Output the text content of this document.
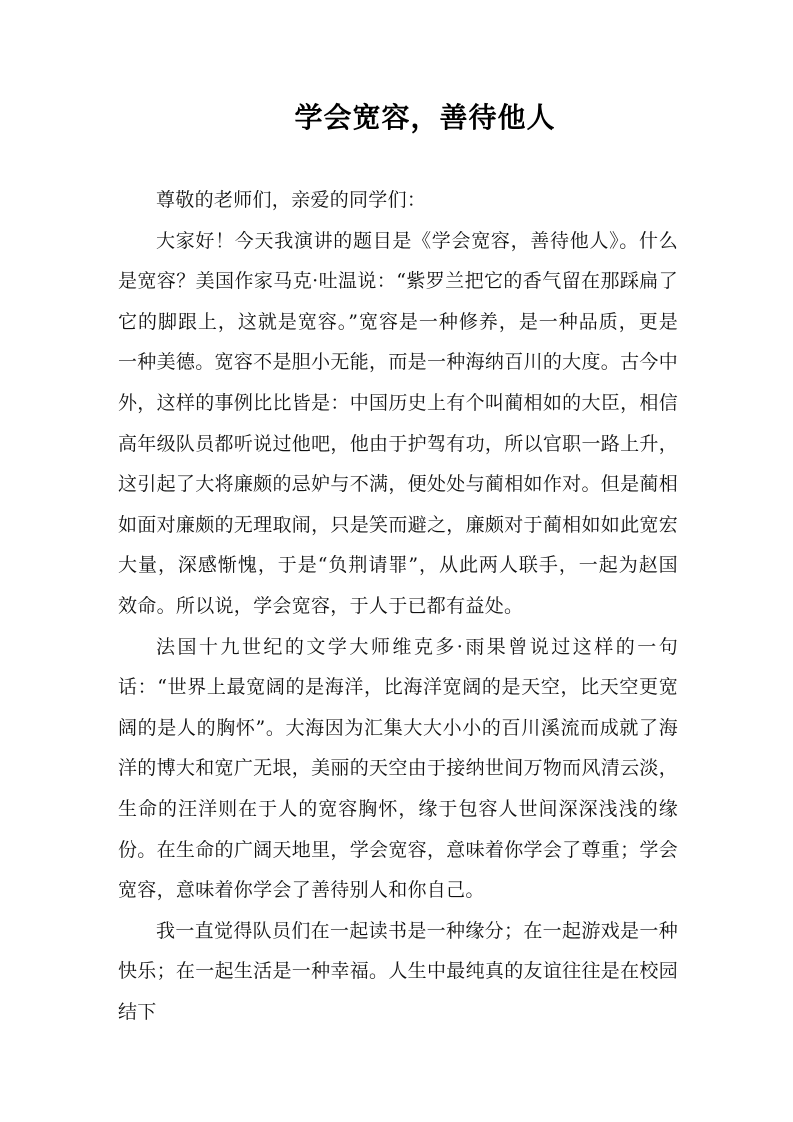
学会宽容，善待他人

尊敬的老师们，亲爱的同学们：

大家好！今天我演讲的题目是《学会宽容，善待他人》。什么是宽容？美国作家马克·吐温说：“紫罗兰把它的香气留在那踩扁了它的脚跟上，这就是宽容。”宽容是一种修养，是一种品质，更是一种美德。宽容不是胆小无能，而是一种海纳百川的大度。古今中外，这样的事例比比皆是：中国历史上有个叫蔺相如的大臣，相信高年级队员都听说过他吧，他由于护驾有功，所以官职一路上升，这引起了大将廉颇的忌妒与不满，便处处与蔺相如作对。但是蔺相如面对廉颇的无理取闹，只是笑而避之，廉颇对于蔺相如如此宽宏大量，深感惭愧，于是“负荆请罪”，从此两人联手，一起为赵国效命。所以说，学会宽容，于人于已都有益处。

法国十九世纪的文学大师维克多·雨果曾说过这样的一句话：“世界上最宽阔的是海洋，比海洋宽阔的是天空，比天空更宽阔的是人的胸怀”。大海因为汇集大大小小的百川溪流而成就了海洋的博大和宽广无垠，美丽的天空由于接纳世间万物而风清云淡，生命的汪洋则在于人的宽容胸怀，缘于包容人世间深深浅浅的缘份。在生命的广阔天地里，学会宽容，意味着你学会了尊重；学会宽容，意味着你学会了善待别人和你自己。

我一直觉得队员们在一起读书是一种缘分；在一起游戏是一种快乐；在一起生活是一种幸福。人生中最纯真的友谊往往是在校园结下
